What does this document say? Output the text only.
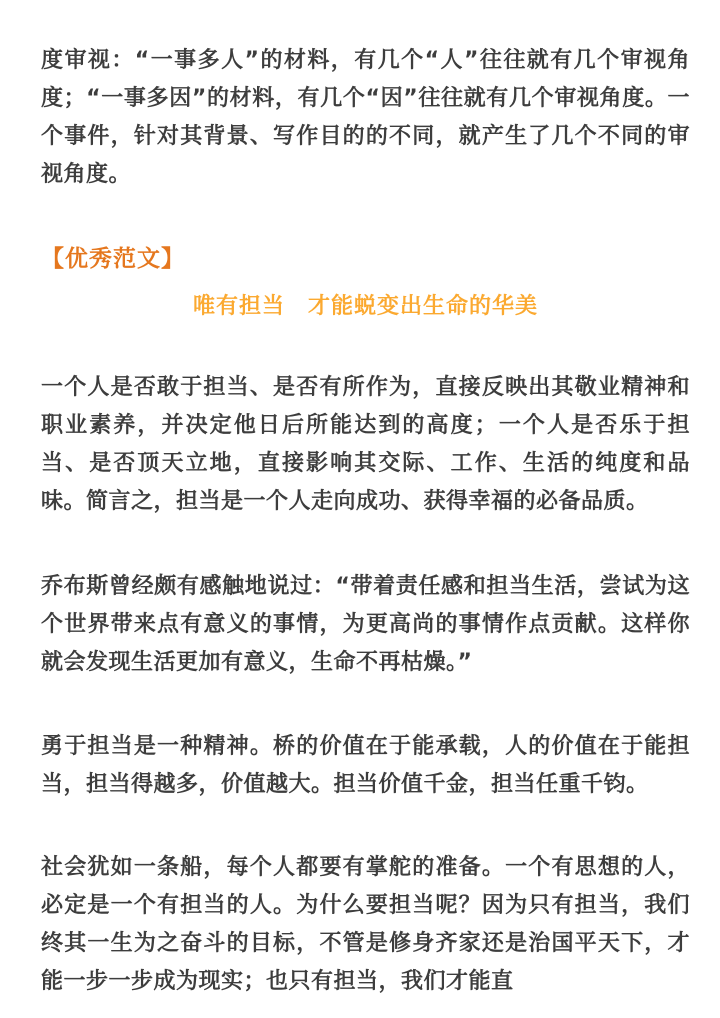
度审视：“一事多人”的材料，有几个“人”往往就有几个审视角度；“一事多因”的材料，有几个“因”往往就有几个审视角度。一个事件，针对其背景、写作目的的不同，就产生了几个不同的审视角度。

【优秀范文】
唯有担当　才能蜕变出生命的华美

一个人是否敢于担当、是否有所作为，直接反映出其敬业精神和职业素养，并决定他日后所能达到的高度；一个人是否乐于担当、是否顶天立地，直接影响其交际、工作、生活的纯度和品味。简言之，担当是一个人走向成功、获得幸福的必备品质。

乔布斯曾经颇有感触地说过：“带着责任感和担当生活，尝试为这个世界带来点有意义的事情，为更高尚的事情作点贡献。这样你就会发现生活更加有意义，生命不再枯燥。”

勇于担当是一种精神。桥的价值在于能承载，人的价值在于能担当，担当得越多，价值越大。担当价值千金，担当任重千钧。

社会犹如一条船，每个人都要有掌舵的准备。一个有思想的人，必定是一个有担当的人。为什么要担当呢？因为只有担当，我们终其一生为之奋斗的目标，不管是修身齐家还是治国平天下，才能一步一步成为现实；也只有担当，我们才能直
